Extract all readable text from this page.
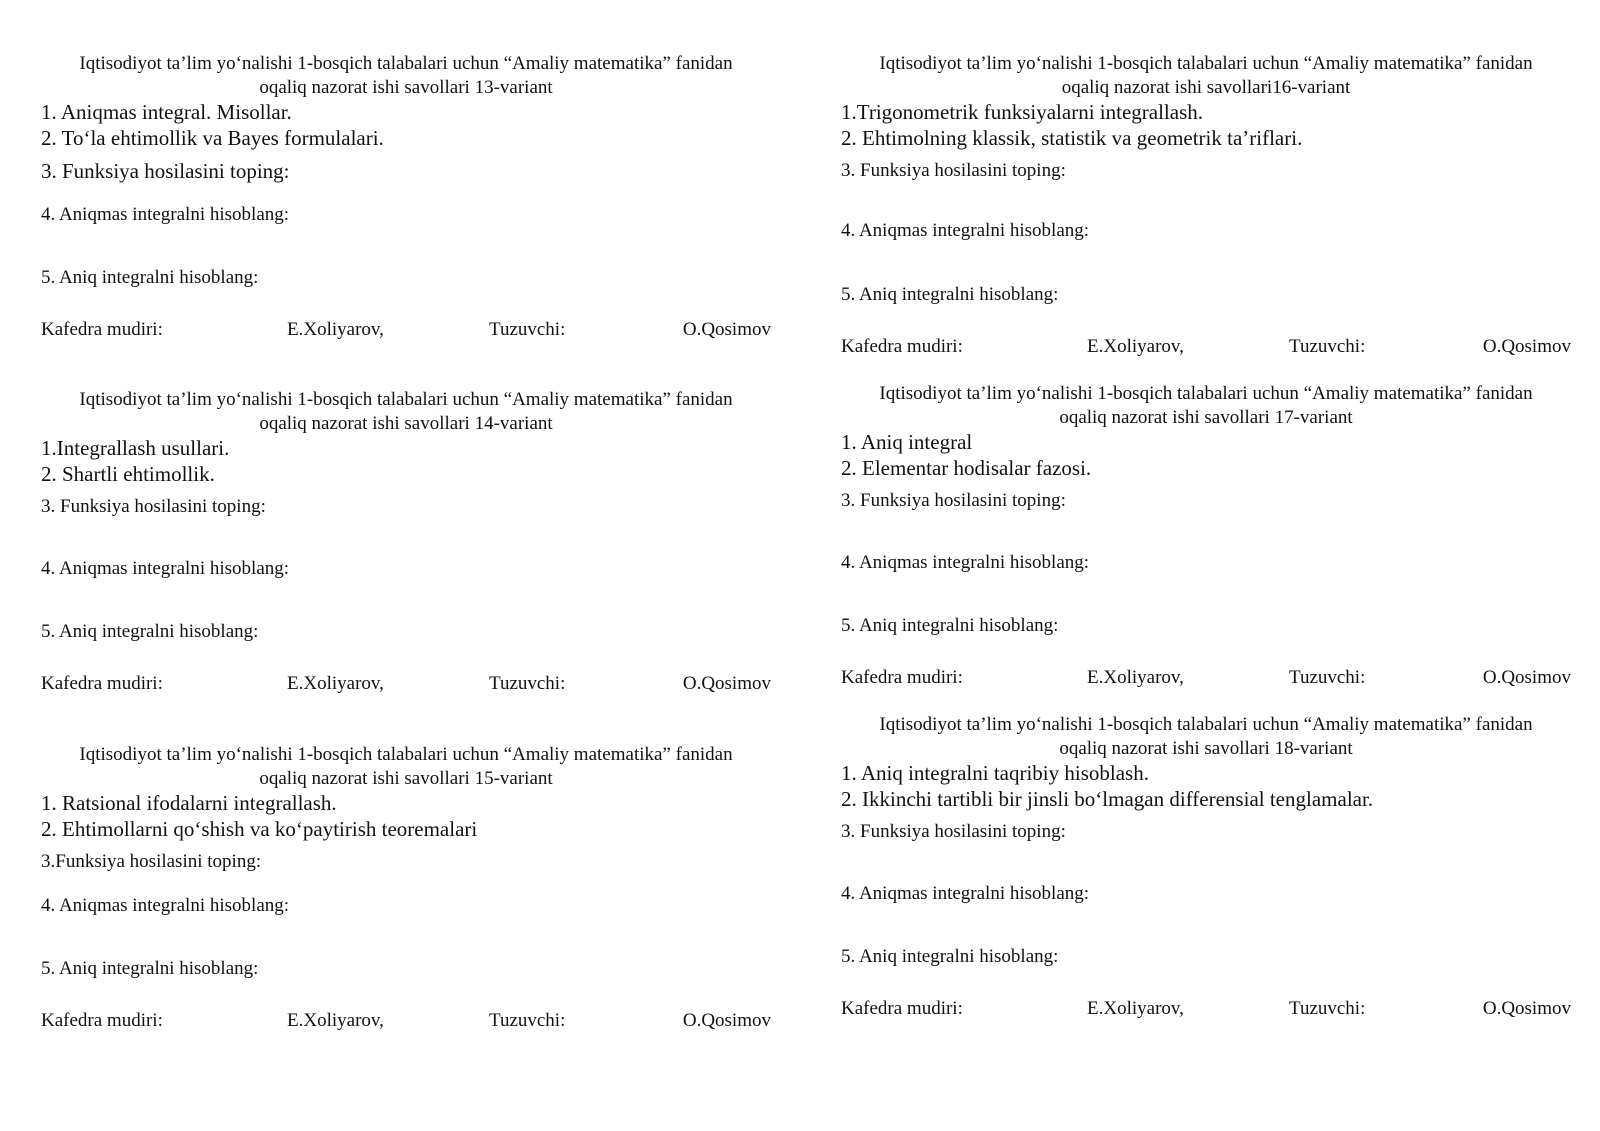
Iqtisodiyot ta’lim yo‘nalishi 1-bosqich talabalari uchun “Amaliy matematika” fanidan
oqaliq nazorat ishi savollari 13-variant
1. Aniqmas integral. Misollar.
2. To‘la ehtimollik va Bayes formulalari.
3. Funksiya hosilasini toping:
4. Aniqmas integralni hisoblang:
5. Aniq integralni hisoblang:
Kafedra mudiri:	E.Xoliyarov,	Tuzuvchi:	O.Qosimov
Iqtisodiyot ta’lim yo‘nalishi 1-bosqich talabalari uchun “Amaliy matematika” fanidan
oqaliq nazorat ishi savollari 14-variant
1.Integrallash usullari.
2. Shartli ehtimollik.
3. Funksiya hosilasini toping:
4. Aniqmas integralni hisoblang:
5. Aniq integralni hisoblang:
Kafedra mudiri:	E.Xoliyarov,	Tuzuvchi:	O.Qosimov
Iqtisodiyot ta’lim yo‘nalishi 1-bosqich talabalari uchun “Amaliy matematika” fanidan
oqaliq nazorat ishi savollari 15-variant
1. Ratsional ifodalarni integrallash.
2. Ehtimollarni qo‘shish va ko‘paytirish teoremalari
3.Funksiya hosilasini toping:
4. Aniqmas integralni hisoblang:
5. Aniq integralni hisoblang:
Kafedra mudiri:	E.Xoliyarov,	Tuzuvchi:	O.Qosimov
Iqtisodiyot ta’lim yo‘nalishi 1-bosqich talabalari uchun “Amaliy matematika” fanidan
oqaliq nazorat ishi savollari16-variant
1.Trigonometrik funksiyalarni integrallash.
2. Ehtimolning klassik, statistik va geometrik ta’riflari.
3. Funksiya hosilasini toping:
4. Aniqmas integralni hisoblang:
5. Aniq integralni hisoblang:
Kafedra mudiri:	E.Xoliyarov,	Tuzuvchi:	O.Qosimov
Iqtisodiyot ta’lim yo‘nalishi 1-bosqich talabalari uchun “Amaliy matematika” fanidan
oqaliq nazorat ishi savollari 17-variant
1. Aniq integral
2. Elementar hodisalar fazosi.
3. Funksiya hosilasini toping:
4. Aniqmas integralni hisoblang:
5. Aniq integralni hisoblang:
Kafedra mudiri:	E.Xoliyarov,	Tuzuvchi:	O.Qosimov
Iqtisodiyot ta’lim yo‘nalishi 1-bosqich talabalari uchun “Amaliy matematika” fanidan
oqaliq nazorat ishi savollari 18-variant
1. Aniq integralni taqribiy hisoblash.
2. Ikkinchi tartibli bir jinsli bo‘lmagan differensial tenglamalar.
3. Funksiya hosilasini toping:
4. Aniqmas integralni hisoblang:
5. Aniq integralni hisoblang:
Kafedra mudiri:	E.Xoliyarov,	Tuzuvchi:	O.Qosimov
